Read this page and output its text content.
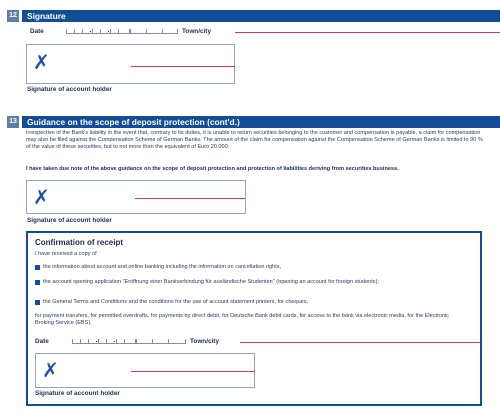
12	Signature
Date	Town/city
✗
Signature of account holder
13	Guidance on the scope of deposit protection (cont'd.)
Irrespective of the Bank's liability in the event that, contrary to its duties, it is unable to return securities belonging to the customer and compensation is payable, a claim for compensation may also be filed against the Compensation Scheme of German Banks. The amount of the claim for compensation against the Compensation Scheme of German Banks is limited to 90 % of the value of these securities, but to not more than the equivalent of Euro 20.000.
I have taken due note of the above guidance on the scope of deposit protection and protection of liabilities deriving from securities business.
✗
Signature of account holder
Confirmation of receipt
I have received a copy of
the information about account and online banking including the information on cancellation rights,
the account opening application "Eröffnung einer Bankverbindung für ausländische Studenten" (opening an account for foreign students);
the General Terms and Conditions and the conditions for the use of account statement printers, for cheques,
for payment transfers, for permitted overdrafts, for payments by direct debit, for Deutsche Bank debit cards, for access to the bank via electronic media, for the Electronic Broking Service (EBS).
Date	Town/city
✗
Signature of account holder
